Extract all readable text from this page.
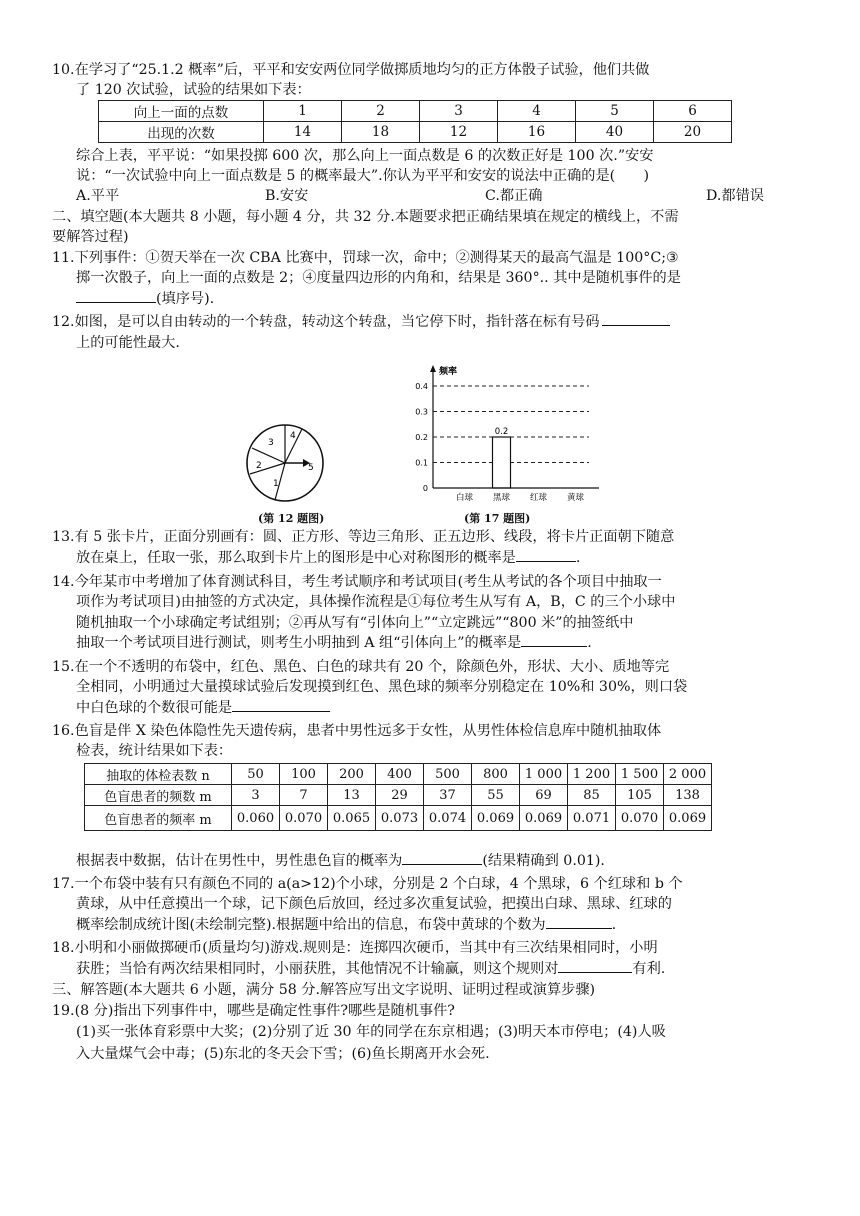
10.在学习了“25.1.2 概率”后，平平和安安两位同学做掷质地均匀的正方体骰子试验，他们共做
了 120 次试验，试验的结果如下表：
向上一面的点数	1	2	3	4	5	6
出现的次数	14	18	12	16	40	20
综合上表，平平说：“如果投掷 600 次，那么向上一面点数是 6 的次数正好是 100 次.”安安
说：“一次试验中向上一面点数是 5 的概率最大”.你认为平平和安安的说法中正确的是(　　)
A.平平	B.安安	C.都正确	D.都错误
二、填空题(本大题共 8 小题，每小题 4 分，共 32 分.本题要求把正确结果填在规定的横线上，不需
要解答过程)
11.下列事件：①贺天举在一次 CBA 比赛中，罚球一次，命中；②测得某天的最高气温是 100°C;③
掷一次骰子，向上一面的点数是 2；④度量四边形的内角和，结果是 360°.. 其中是随机事件的是
(填序号).
12.如图，是可以自由转动的一个转盘，转动这个转盘，当它停下时，指针落在标有号码
上的可能性最大.
3
4
2
1
5
(第 12 题图)
0
0.1
0.2
0.3
0.4
白球 黑球 红球 黄球
0.2
频率
(第 17 题图)
13.有 5 张卡片，正面分别画有：圆、正方形、等边三角形、正五边形、线段，将卡片正面朝下随意
放在桌上，任取一张，那么取到卡片上的图形是中心对称图形的概率是	.
14.今年某市中考增加了体育测试科目，考生考试顺序和考试项目(考生从考试的各个项目中抽取一
项作为考试项目)由抽签的方式决定，具体操作流程是①每位考生从写有 A，B，C 的三个小球中
随机抽取一个小球确定考试组别；②再从写有“引体向上”“立定跳远”“800 米”的抽签纸中
抽取一个考试项目进行测试，则考生小明抽到 A 组“引体向上”的概率是	.
15.在一个不透明的布袋中，红色、黑色、白色的球共有 20 个，除颜色外，形状、大小、质地等完
全相同，小明通过大量摸球试验后发现摸到红色、黑色球的频率分别稳定在 10%和 30%，则口袋
中白色球的个数很可能是
16.色盲是伴 X 染色体隐性先天遗传病，患者中男性远多于女性，从男性体检信息库中随机抽取体
检表，统计结果如下表：
抽取的体检表数 n	50	100	200	400	500	800	1 000	1 200	1 500	2 000
色盲患者的频数 m	3	7	13	29	37	55	69	85	105	138
色盲患者的频率 m	0.060	0.070	0.065	0.073	0.074	0.069	0.069	0.071	0.070	0.069
根据表中数据，估计在男性中，男性患色盲的概率为	(结果精确到 0.01).
17.一个布袋中装有只有颜色不同的 a(a>12)个小球，分别是 2 个白球，4 个黑球，6 个红球和 b 个
黄球，从中任意摸出一个球，记下颜色后放回，经过多次重复试验，把摸出白球、黑球、红球的
概率绘制成统计图(未绘制完整).根据题中给出的信息，布袋中黄球的个数为	.
18.小明和小丽做掷硬币(质量均匀)游戏.规则是：连掷四次硬币，当其中有三次结果相同时，小明
获胜；当恰有两次结果相同时，小丽获胜，其他情况不计输赢，则这个规则对	有利.
三、解答题(本大题共 6 小题，满分 58 分.解答应写出文字说明、证明过程或演算步骤)
19.(8 分)指出下列事件中，哪些是确定性事件?哪些是随机事件?
(1)买一张体育彩票中大奖；(2)分别了近 30 年的同学在东京相遇；(3)明天本市停电；(4)人吸
入大量煤气会中毒；(5)东北的冬天会下雪；(6)鱼长期离开水会死.
